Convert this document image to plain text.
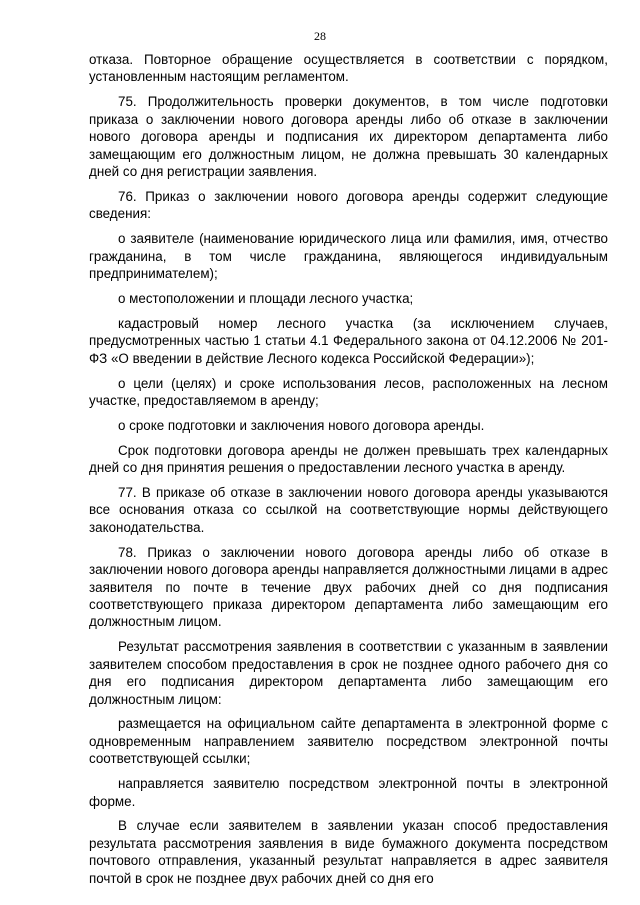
28

отказа. Повторное обращение осуществляется в соответствии с порядком, установленным настоящим регламентом.

75. Продолжительность проверки документов, в том числе подготовки приказа о заключении нового договора аренды либо об отказе в заключении нового договора аренды и подписания их директором департамента либо замещающим его должностным лицом, не должна превышать 30 календарных дней со дня регистрации заявления.

76. Приказ о заключении нового договора аренды содержит следующие сведения:

о заявителе (наименование юридического лица или фамилия, имя, отчество гражданина, в том числе гражданина, являющегося индивидуальным предпринимателем);

о местоположении и площади лесного участка;

кадастровый номер лесного участка (за исключением случаев, предусмотренных частью 1 статьи 4.1 Федерального закона от 04.12.2006 № 201-ФЗ «О введении в действие Лесного кодекса Российской Федерации»);

о цели (целях) и сроке использования лесов, расположенных на лесном участке, предоставляемом в аренду;

о сроке подготовки и заключения нового договора аренды.

Срок подготовки договора аренды не должен превышать трех календарных дней со дня принятия решения о предоставлении лесного участка в аренду.

77. В приказе об отказе в заключении нового договора аренды указываются все основания отказа со ссылкой на соответствующие нормы действующего законодательства.

78. Приказ о заключении нового договора аренды либо об отказе в заключении нового договора аренды направляется должностными лицами в адрес заявителя по почте в течение двух рабочих дней со дня подписания соответствующего приказа директором департамента либо замещающим его должностным лицом.

Результат рассмотрения заявления в соответствии с указанным в заявлении заявителем способом предоставления в срок не позднее одного рабочего дня со дня его подписания директором департамента либо замещающим его должностным лицом:

размещается на официальном сайте департамента в электронной форме с одновременным направлением заявителю посредством электронной почты соответствующей ссылки;

направляется заявителю посредством электронной почты в электронной форме.

В случае если заявителем в заявлении указан способ предоставления результата рассмотрения заявления в виде бумажного документа посредством почтового отправления, указанный результат направляется в адрес заявителя почтой в срок не позднее двух рабочих дней со дня его
